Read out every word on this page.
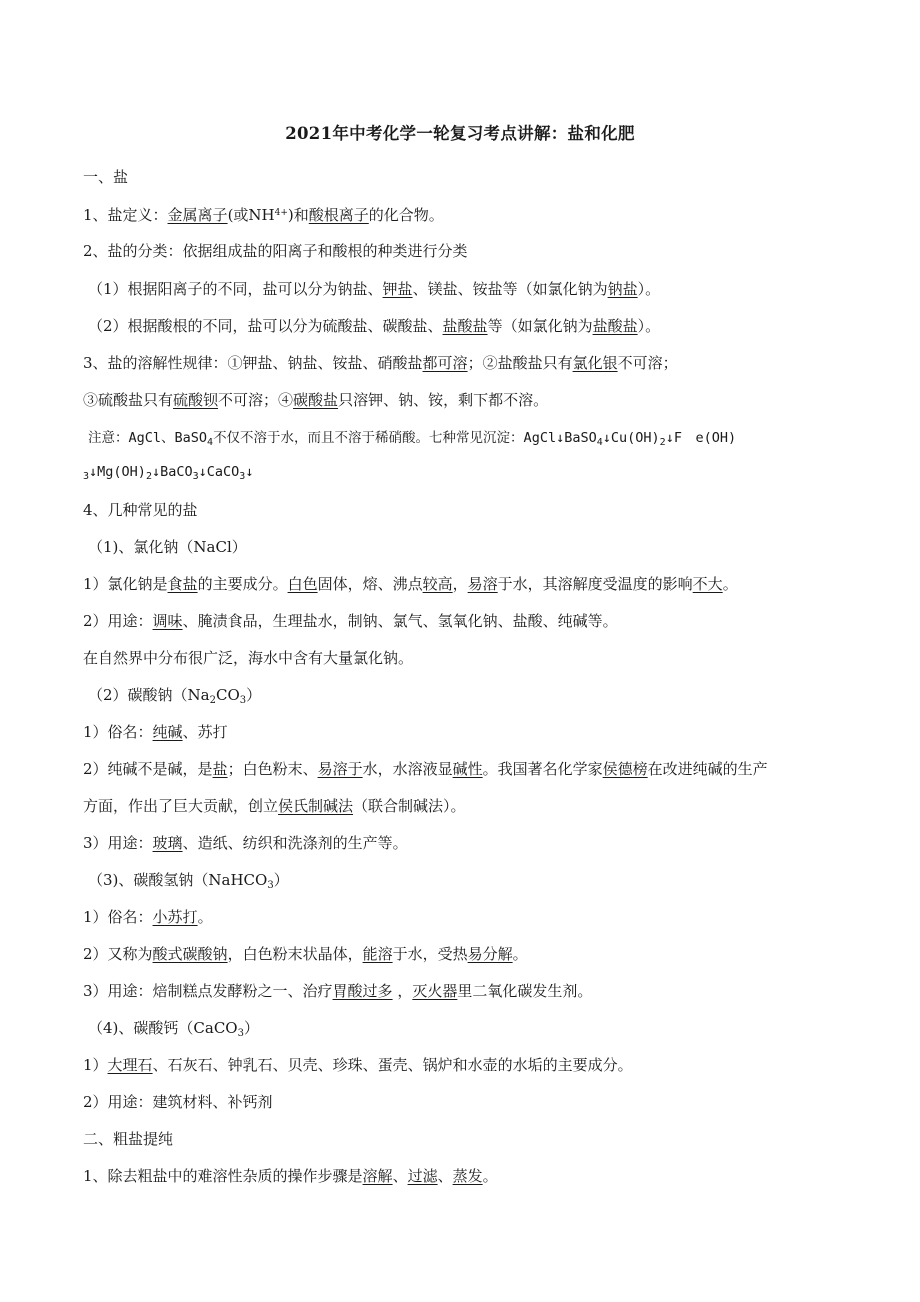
2021年中考化学一轮复习考点讲解：盐和化肥
一、盐
1、盐定义：金属离子(或$NH^{4+}$)和酸根离子的化合物。
2、盐的分类：依据组成盐的阳离子和酸根的种类进行分类
（1）根据阳离子的不同，盐可以分为钠盐、钾盐、镁盐、铵盐等（如氯化钠为钠盐）。
（2）根据酸根的不同，盐可以分为硫酸盐、碳酸盐、盐酸盐等（如氯化钠为盐酸盐）。
3、盐的溶解性规律：①钾盐、钠盐、铵盐、硝酸盐都可溶；②盐酸盐只有氯化银不可溶；
③硫酸盐只有硫酸钡不可溶；④碳酸盐只溶钾、钠、铵，剩下都不溶。
注意：AgCl、BaSO$_4$不仅不溶于水，而且不溶于稀硝酸。七种常见沉淀：$AgCl↓BaSO_4↓Cu(OH)_2↓F$　e(OH)
$_3↓Mg(OH)_2↓BaCO_3↓CaCO_3↓$
4、几种常见的盐
（1)、氯化钠（NaCl）
1）氯化钠是食盐的主要成分。白色固体，熔、沸点较高，易溶于水，其溶解度受温度的影响不大。
2）用途：调味、腌渍食品，生理盐水，制钠、氯气、氢氧化钠、盐酸、纯碱等。
在自然界中分布很广泛，海水中含有大量氯化钠。
（2）碳酸钠$(Na_2CO_3)$
1）俗名：纯碱、苏打
2）纯碱不是碱，是盐；白色粉末、易溶于水，水溶液显碱性。我国著名化学家侯德榜在改进纯碱的生产
方面，作出了巨大贡献，创立侯氏制碱法（联合制碱法）。
3）用途：玻璃、造纸、纺织和洗涤剂的生产等。
（3)、碳酸氢钠（NaHCO$_3$）
1）俗名：小苏打。
2）又称为酸式碳酸钠，白色粉末状晶体，能溶于水，受热易分解。
3）用途：焙制糕点发酵粉之一、治疗胃酸过多 ，灭火器里二氧化碳发生剂。
（4)、碳酸钙（CaCO$_3$）
1）大理石、石灰石、钟乳石、贝壳、珍珠、蛋壳、锅炉和水壶的水垢的主要成分。
2）用途：建筑材料、补钙剂
二、粗盐提纯
1、除去粗盐中的难溶性杂质的操作步骤是溶解、过滤、蒸发。
